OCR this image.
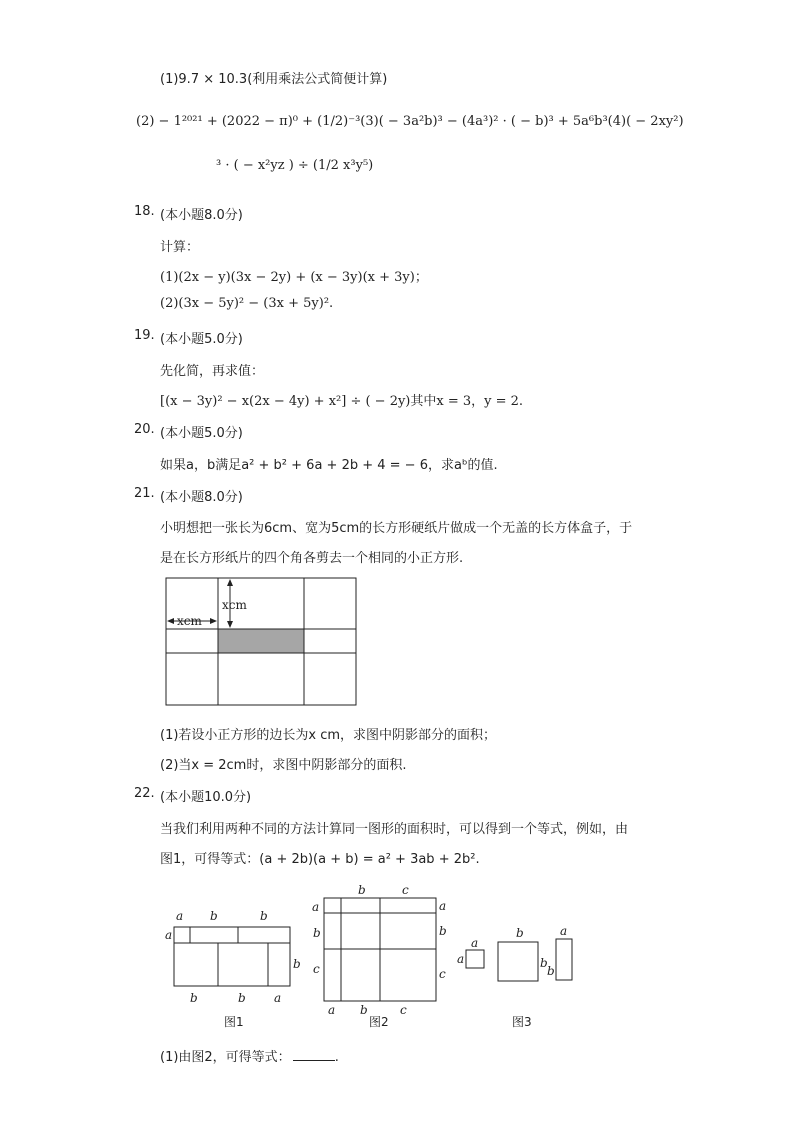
(1)9.7 × 10.3(利用乘法公式简便计算)
(2) − 1²⁰²¹ + (2022 − π)⁰ + (1/2)⁻³(3)( − 3a²b)³ − (4a³)² · ( − b)³ + 5a⁶b³(4)( − 2xy²)
³ · ( − x²yz ) ÷ (1/2 x³y⁵)
18. (本小题8.0分)
计算：
(1)(2x − y)(3x − 2y) + (x − 3y)(x + 3y)；
(2)(3x − 5y)² − (3x + 5y)².
19. (本小题5.0分)
先化简，再求值：
[(x − 3y)² − x(2x − 4y) + x²] ÷ ( − 2y)其中x = 3，y = 2.
20. (本小题5.0分)
如果a，b满足a² + b² + 6a + 2b + 4 = − 6，求aᵇ的值.
21. (本小题8.0分)
小明想把一张长为6cm、宽为5cm的长方形硬纸片做成一个无盖的长方体盒子，于
是在长方形纸片的四个角各剪去一个相同的小正方形.
xcm
xcm
(1)若设小正方形的边长为x cm，求图中阴影部分的面积；
(2)当x = 2cm时，求图中阴影部分的面积.
22. (本小题10.0分)
当我们利用两种不同的方法计算同一图形的面积时，可以得到一个等式，例如，由
图1，可得等式：(a + 2b)(a + b) = a² + 3ab + 2b².
a b	b
a
b
b	b a
图1
b	c
a
b
c
a
b
c
a b	c
图2
a
a
b
b
a
b
图3
(1)由图2，可得等式：	.
